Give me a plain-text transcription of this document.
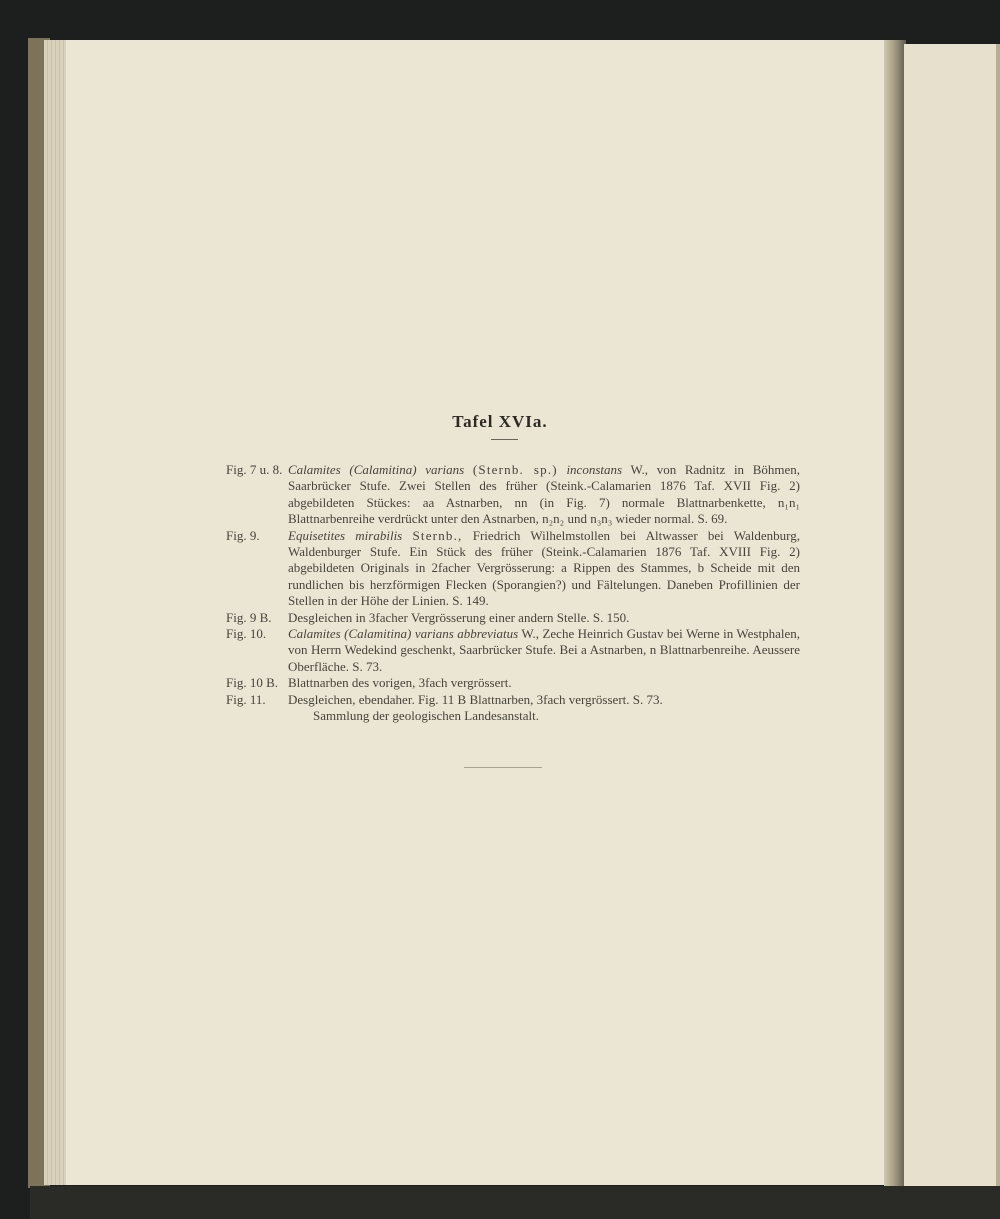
Tafel XVIa.
Fig. 7 u. 8. Calamites (Calamitina) varians (Sternb. sp.) inconstans W., von Radnitz in Böhmen, Saarbrücker Stufe. Zwei Stellen des früher (Steink.-Calamarien 1876 Taf. XVII Fig. 2) abgebildeten Stückes: aa Astnarben, nn (in Fig. 7) normale Blattnarbenkette, n₁n₁ Blattnarbenreihe verdrückt unter den Astnarben, n₂n₂ und n₃n₃ wieder normal. S. 69.
Fig. 9.	Equisetites mirabilis Sternb., Friedrich Wilhelmstollen bei Altwasser bei Waldenburg, Waldenburger Stufe. Ein Stück des früher (Steink.-Calamarien 1876 Taf. XVIII Fig. 2) abgebildeten Originals in 2facher Vergrösserung: a Rippen des Stammes, b Scheide mit den rundlichen bis herzförmigen Flecken (Sporangien?) und Fältelungen. Daneben Profillinien der Stellen in der Höhe der Linien. S. 149.
Fig. 9 B.	Desgleichen in 3facher Vergrösserung einer andern Stelle. S. 150.
Fig. 10.	Calamites (Calamitina) varians abbreviatus W., Zeche Heinrich Gustav bei Werne in Westphalen, von Herrn Wedekind geschenkt, Saarbrücker Stufe. Bei a Astnarben, n Blattnarbenreihe. Aeussere Oberfläche. S. 73.
Fig. 10 B. Blattnarben des vorigen, 3fach vergrössert.
Fig. 11.	Desgleichen, ebendaher. Fig. 11 B Blattnarben, 3fach vergrössert. S. 73.
Sammlung der geologischen Landesanstalt.
